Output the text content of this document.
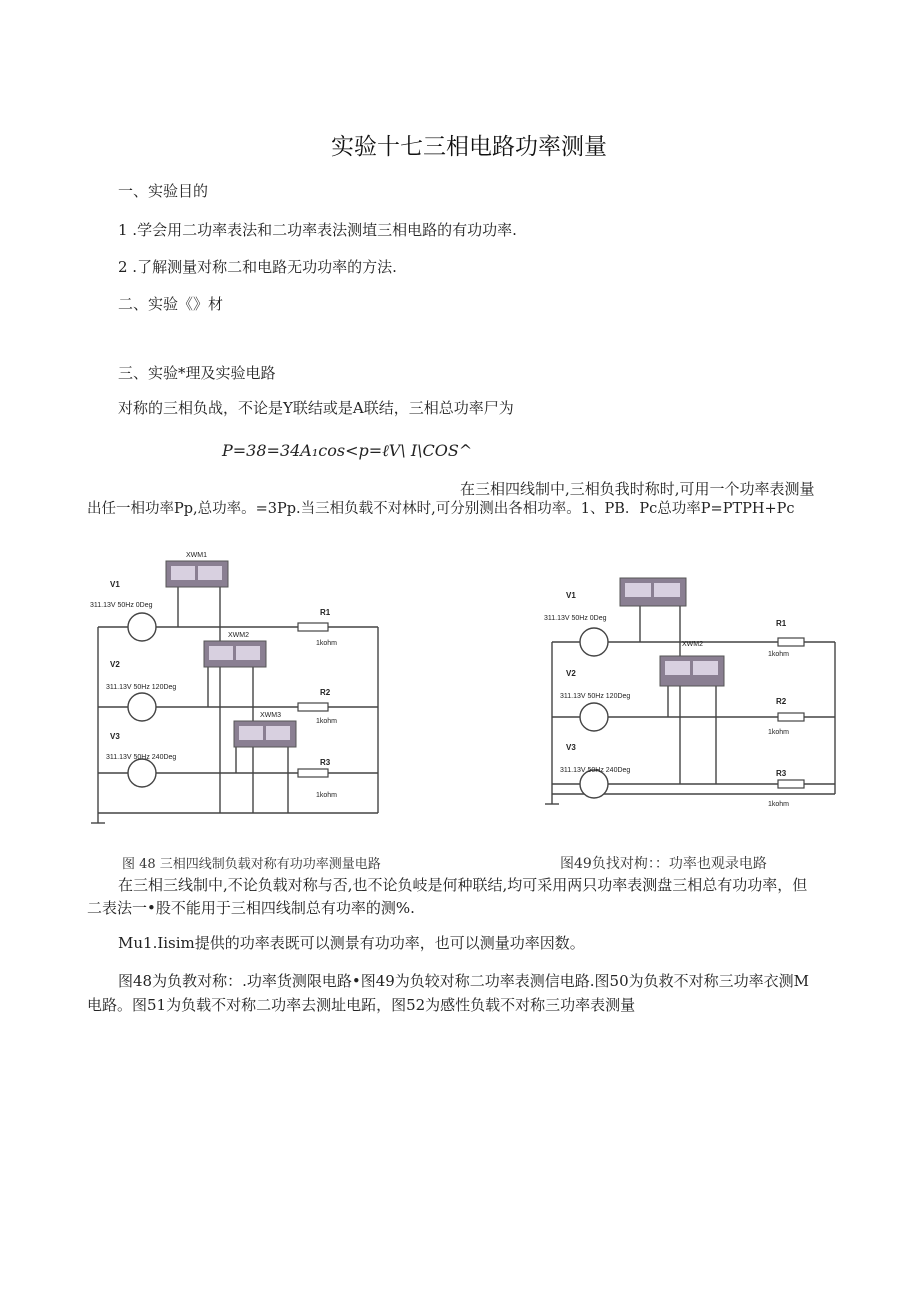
实验十七三相电路功率测量
一、实验目的
1 .学会用二功率表法和二功率表法测埴三相电路的有功功率.
2 .了解测量对称二和电路无功功率的方法.
二、实验《》材
三、实验*理及实验电路
对称的三相负战，不论是Y联结或是A联结，三相总功率尸为
P=38=34A₁cos<p=ℓV\ I\COS^
在三相四线制中,三相负我时称时,可用一个功率表测量
出任一相功率Pp,总功率。=3Pp.当三相负载不对林时,可分别测出各相功率。1、PB．Pc总功率P=PTPH+Pc
XWM1
XWM2
XWM3
V1
311.13V 50Hz 0Deg
V2
311.13V 50Hz 120Deg
V3
311.13V 50Hz 240Deg
R1
1kohm
R2
1kohm
R3
1kohm
XWM2
V1
311.13V 50Hz 0Deg
V2
311.13V 50Hz 120Deg
V3
311.13V 50Hz 240Deg
R1
1kohm
R2
1kohm
R3
1kohm
图 48 三相四线制负载对称有功功率测量电路	图49负找对枸：：功率也观录电路
在三相三线制中,不论负载对称与否,也不论负岐是何种联结,均可采用两只功率表测盘三相总有功功率，但
二表法一•股不能用于三相四线制总有功率的测%.
Mu1.Iisim提供的功率表既可以测景有功功率，也可以测量功率因数。
图48为负教对称：.功率货测限电路•图49为负较对称二功率表测信电路.图50为负救不对称三功率衣测M
电路。图51为负载不对称二功率去测址电跖，图52为感性负载不对称三功率表测量
